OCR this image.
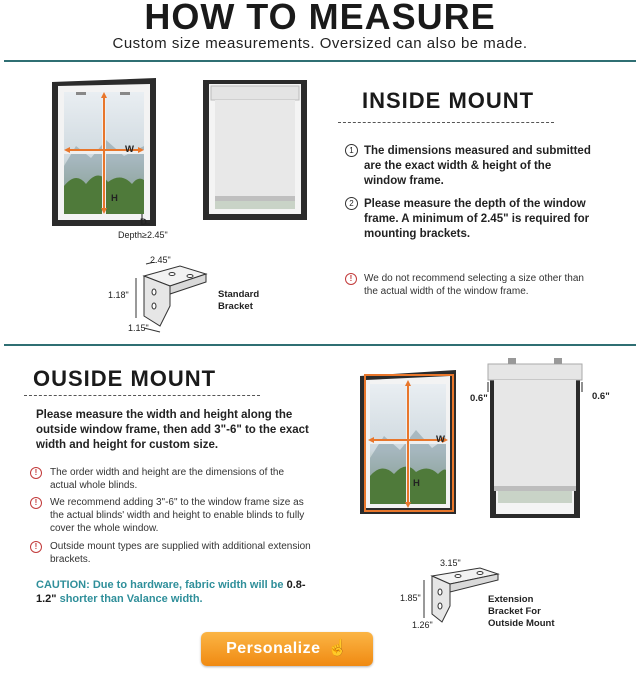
HOW TO MEASURE
Custom size measurements. Oversized can also be made.
W
H
D
Depth≥2.45"
INSIDE MOUNT
1 The dimensions measured and submitted are the exact width & height of the window frame.
2 Please measure the depth of the window frame. A minimum of 2.45" is required for mounting brackets.
!	We do not recommend selecting a size other than the actual width of the window frame.
2.45"
1.18"
1.15"
Standard Bracket
OUSIDE MOUNT
Please measure the width and height along the outside window frame, then add 3"-6" to the exact width and height for custom size.
!	The order width and height are the dimensions of the actual whole blinds.
!	We recommend adding 3"-6" to the window frame size as the actual blinds' width and height to enable blinds to fully cover the whole window.
!	Outside mount types are supplied with additional extension brackets.
CAUTION: Due to hardware, fabric width will be 0.8-1.2" shorter than Valance width.
W
H
0.6"	0.6"
3.15"
1.85"
1.26"
Extension Bracket For Outside Mount
Personalize ☝
